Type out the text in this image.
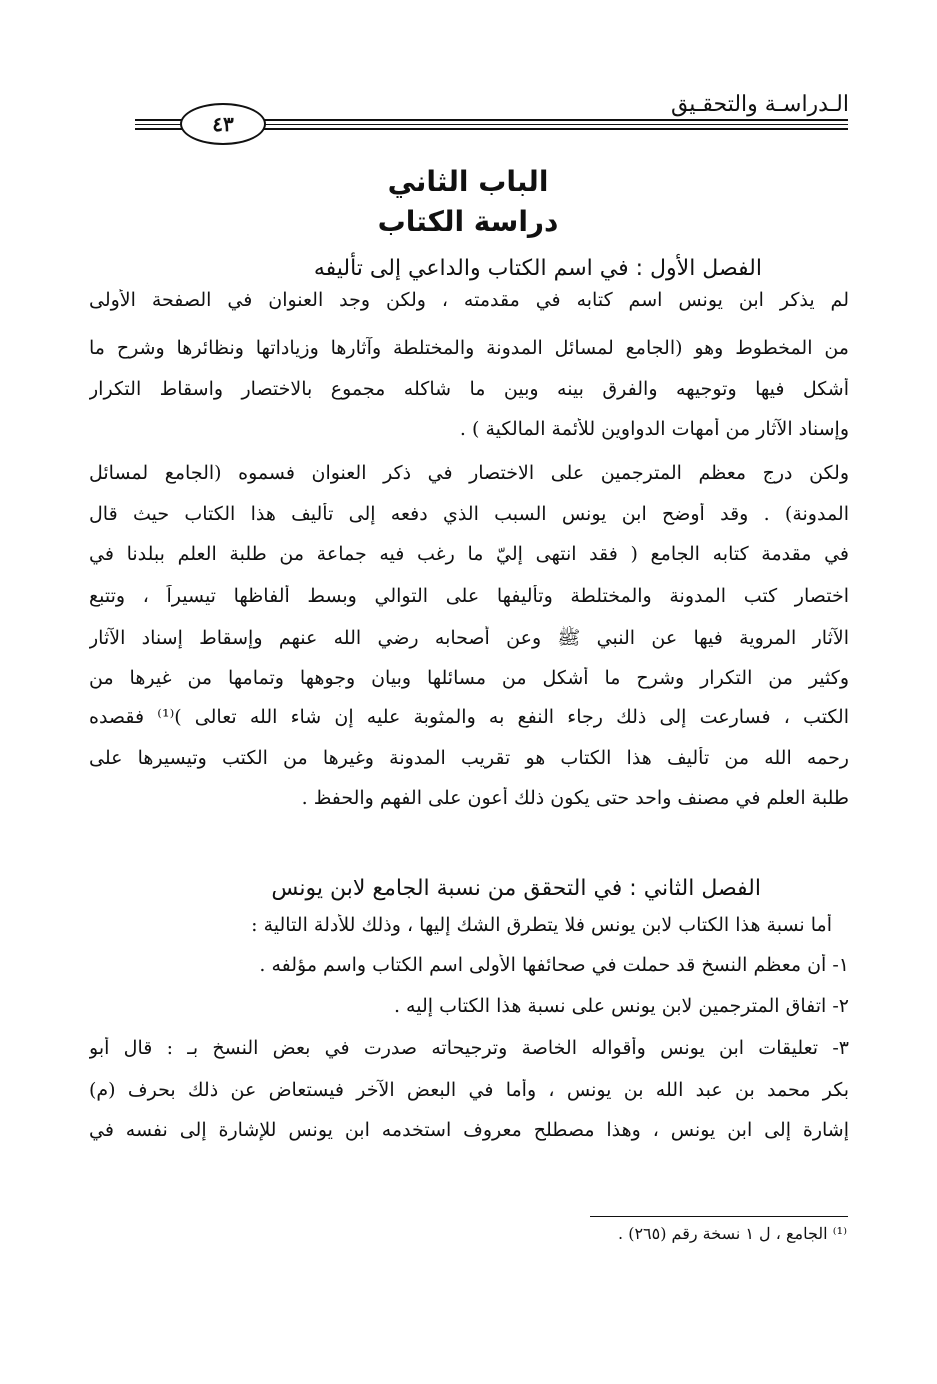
الـدراسـة والتحقـيق
٤٣
الباب الثاني
دراسة الكتاب
الفصل الأول : في اسم الكتاب والداعي إلى تأليفه
لم يذكر ابن يونس اسم كتابه في مقدمته ، ولكن وجد العنوان في الصفحة الأولى
من المخطوط وهو (الجامع لمسائل المدونة والمختلطة وآثارها وزياداتها ونظائرها وشرح ما
أشكل فيها وتوجيهه والفرق بينه وبين ما شاكله مجموع بالاختصار واسقاط التكرار
وإسناد الآثار من أمهات الدواوين للأئمة المالكية ) .
ولكن درج معظم المترجمين على الاختصار في ذكر العنوان فسموه (الجامع لمسائل
المدونة) . وقد أوضح ابن يونس السبب الذي دفعه إلى تأليف هذا الكتاب حيث قال
في مقدمة كتابه الجامع ( فقد انتهى إليّ ما رغب فيه جماعة من طلبة العلم ببلدنا في
اختصار كتب المدونة والمختلطة وتأليفها على التوالي وبسط ألفاظها تيسيراً ، وتتبع
الآثار المروية فيها عن النبي ﷺ وعن أصحابه رضي الله عنهم وإسقاط إسناد الآثار
وكثير من التكرار وشرح ما أشكل من مسائلها وبيان وجوهها وتمامها من غيرها من
الكتب ، فسارعت إلى ذلك رجاء النفع به والمثوبة عليه إن شاء الله تعالى )⁽¹⁾ فقصده
رحمه الله من تأليف هذا الكتاب هو تقريب المدونة وغيرها من الكتب وتيسيرها على
طلبة العلم في مصنف واحد حتى يكون ذلك أعون على الفهم والحفظ .
الفصل الثاني : في التحقق من نسبة الجامع لابن يونس
أما نسبة هذا الكتاب لابن يونس فلا يتطرق الشك إليها ، وذلك للأدلة التالية :
١- أن معظم النسخ قد حملت في صحائفها الأولى اسم الكتاب واسم مؤلفه .
٢- اتفاق المترجمين لابن يونس على نسبة هذا الكتاب إليه .
٣- تعليقات ابن يونس وأقواله الخاصة وترجيحاته صدرت في بعض النسخ بـ : قال أبو
بكر محمد بن عبد الله بن يونس ، وأما في البعض الآخر فيستعاض عن ذلك بحرف (م)
إشارة إلى ابن يونس ، وهذا مصطلح معروف استخدمه ابن يونس للإشارة إلى نفسه في
⁽¹⁾ الجامع ، ل ١ نسخة رقم (٢٦٥) .
